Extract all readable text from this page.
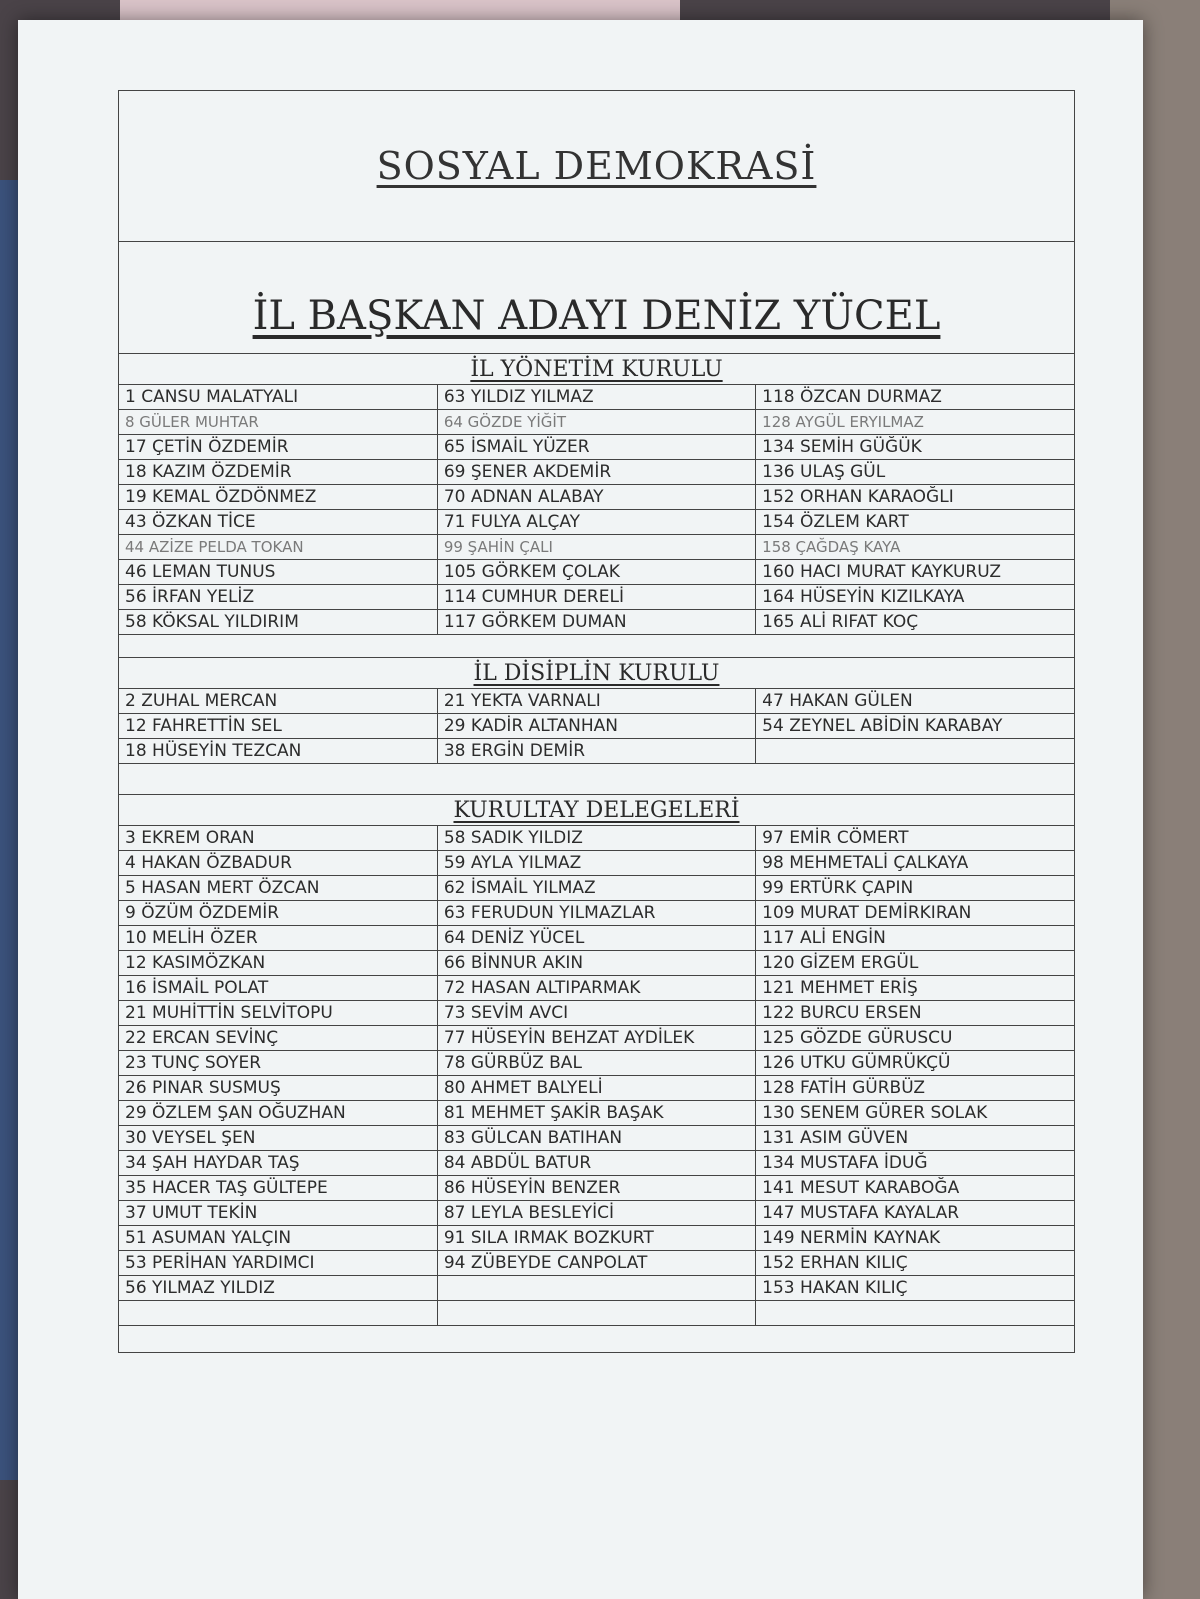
SOSYAL DEMOKRASİ
İL BAŞKAN ADAYI DENİZ YÜCEL
İL YÖNETİM KURULU
1 CANSU MALATYALI	63 YILDIZ YILMAZ	118 ÖZCAN DURMAZ
8 GÜLER MUHTAR	64 GÖZDE YİĞİT	128 AYGÜL ERYILMAZ
17 ÇETİN ÖZDEMİR	65 İSMAİL YÜZER	134 SEMİH GÜĞÜK
18 KAZIM ÖZDEMİR	69 ŞENER AKDEMİR	136 ULAŞ GÜL
19 KEMAL ÖZDÖNMEZ	70 ADNAN ALABAY	152 ORHAN KARAOĞLI
43 ÖZKAN TİCE	71 FULYA ALÇAY	154 ÖZLEM KART
44 AZİZE PELDA TOKAN	99 ŞAHİN ÇALI	158 ÇAĞDAŞ KAYA
46 LEMAN TUNUS	105 GÖRKEM ÇOLAK	160 HACI MURAT KAYKURUZ
56 İRFAN YELİZ	114 CUMHUR DERELİ	164 HÜSEYİN KIZILKAYA
58 KÖKSAL YILDIRIM	117 GÖRKEM DUMAN	165 ALİ RIFAT KOÇ
İL DİSİPLİN KURULU
2 ZUHAL MERCAN	21 YEKTA VARNALI	47 HAKAN GÜLEN
12 FAHRETTİN SEL	29 KADİR ALTANHAN	54 ZEYNEL ABİDİN KARABAY
18 HÜSEYİN TEZCAN	38 ERGİN DEMİR	
KURULTAY DELEGELERİ
3 EKREM ORAN	58 SADIK YILDIZ	97 EMİR CÖMERT
4 HAKAN ÖZBADUR	59 AYLA YILMAZ	98 MEHMETALİ ÇALKAYA
5 HASAN MERT ÖZCAN	62 İSMAİL YILMAZ	99 ERTÜRK ÇAPIN
9 ÖZÜM ÖZDEMİR	63 FERUDUN YILMAZLAR	109 MURAT DEMİRKIRAN
10 MELİH ÖZER	64 DENİZ YÜCEL	117 ALİ ENGİN
12 KASIMÖZKAN	66 BİNNUR AKIN	120 GİZEM ERGÜL
16 İSMAİL POLAT	72 HASAN ALTIPARMAK	121 MEHMET ERİŞ
21 MUHİTTİN SELVİTOPU	73 SEVİM AVCI	122 BURCU ERSEN
22 ERCAN SEVİNÇ	77 HÜSEYİN BEHZAT AYDİLEK	125 GÖZDE GÜRUSCU
23 TUNÇ SOYER	78 GÜRBÜZ BAL	126 UTKU GÜMRÜKÇÜ
26 PINAR SUSMUŞ	80 AHMET BALYELİ	128 FATİH GÜRBÜZ
29 ÖZLEM ŞAN OĞUZHAN	81 MEHMET ŞAKİR BAŞAK	130 SENEM GÜRER SOLAK
30 VEYSEL ŞEN	83 GÜLCAN BATIHAN	131 ASIM GÜVEN
34 ŞAH HAYDAR TAŞ	84 ABDÜL BATUR	134 MUSTAFA İDUĞ
35 HACER TAŞ GÜLTEPE	86 HÜSEYİN BENZER	141 MESUT KARABOĞA
37 UMUT TEKİN	87 LEYLA BESLEYİCİ	147 MUSTAFA KAYALAR
51 ASUMAN YALÇIN	91 SILA IRMAK BOZKURT	149 NERMİN KAYNAK
53 PERİHAN YARDIMCI	94 ZÜBEYDE CANPOLAT	152 ERHAN KILIÇ
56 YILMAZ YILDIZ		153 HAKAN KILIÇ
